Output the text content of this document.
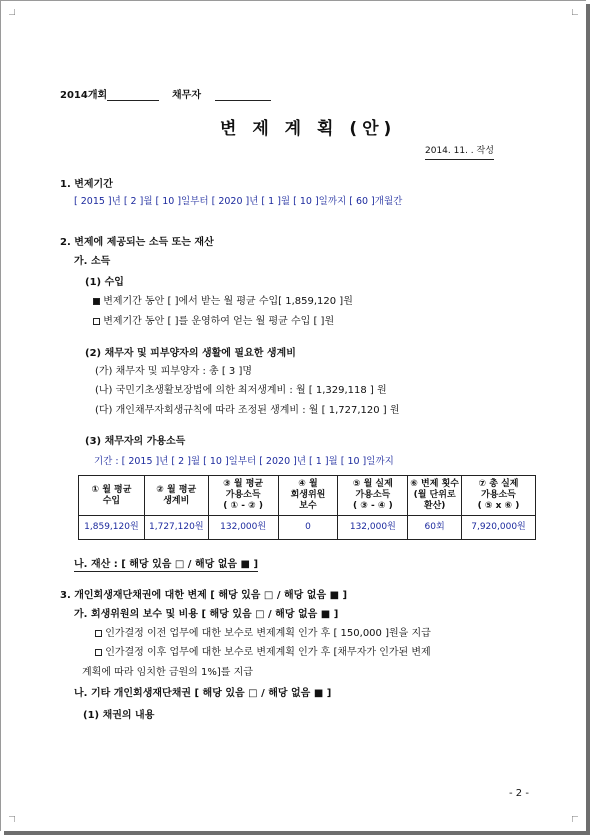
2014개회	채무자
변 제 계 획 (안)
2014. 11. . 작성
1. 변제기간
[ 2015 ]년 [ 2 ]월 [ 10 ]일부터 [ 2020 ]년 [ 1 ]월 [ 10 ]일까지 [ 60 ]개월간
2. 변제에 제공되는 소득 또는 재산
가. 소득
(1) 수입
변제기간 동안 [ ]에서 받는 월 평균 수입[ 1,859,120 ]원
변제기간 동안 [ ]를 운영하여 얻는 월 평균 수입 [ ]원
(2) 채무자 및 피부양자의 생활에 필요한 생계비
(가) 채무자 및 피부양자 : 총 [ 3 ]명
(나) 국민기초생활보장법에 의한 최저생계비 : 월 [ 1,329,118 ] 원
(다) 개인채무자회생규칙에 따라 조정된 생계비 : 월 [ 1,727,120 ] 원
(3) 채무자의 가용소득
기간 : [ 2015 ]년 [ 2 ]월 [ 10 ]일부터 [ 2020 ]년 [ 1 ]월 [ 10 ]일까지
① 월 평균
수입	② 월 평균
생계비	③ 월 평균
가용소득
( ① - ② )	④ 월
회생위원
보수	⑤ 월 실제
가용소득
( ③ - ④ )	⑥ 변제 횟수
(월 단위로
환산)	⑦ 총 실제
가용소득
( ⑤ x ⑥ )
1,859,120원	1,727,120원	132,000원	0	132,000원	60회	7,920,000원
나. 재산 : [ 해당 있음 □ / 해당 없음 ■ ]
3. 개인회생재단채권에 대한 변제 [ 해당 있음 □ / 해당 없음 ■ ]
가. 회생위원의 보수 및 비용 [ 해당 있음 □ / 해당 없음 ■ ]
인가결정 이전 업무에 대한 보수로 변제계획 인가 후 [ 150,000 ]원을 지급
인가결정 이후 업무에 대한 보수로 변제계획 인가 후 [채무자가 인가된 변제
계획에 따라 임치한 금원의 1%]를 지급
나. 기타 개인회생재단채권 [ 해당 있음 □ / 해당 없음 ■ ]
(1) 채권의 내용
- 2 -
